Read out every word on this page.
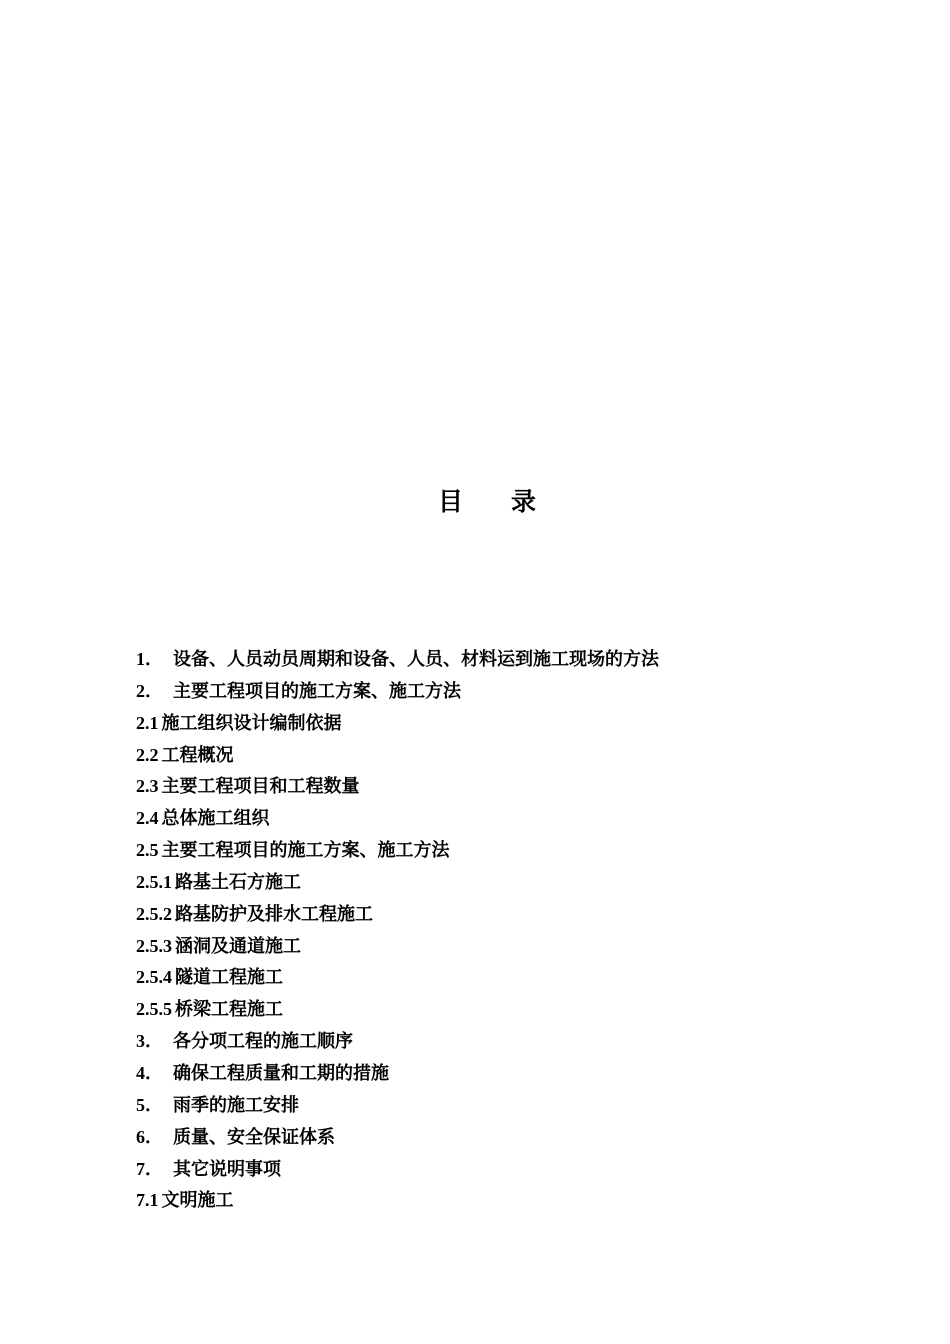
目 录
1． 设备、人员动员周期和设备、人员、材料运到施工现场的方法
2． 主要工程项目的施工方案、施工方法
2.1 施工组织设计编制依据
2.2 工程概况
2.3 主要工程项目和工程数量
2.4 总体施工组织
2.5 主要工程项目的施工方案、施工方法
2.5.1 路基土石方施工
2.5.2 路基防护及排水工程施工
2.5.3 涵洞及通道施工
2.5.4 隧道工程施工
2.5.5 桥梁工程施工
3． 各分项工程的施工顺序
4． 确保工程质量和工期的措施
5． 雨季的施工安排
6． 质量、安全保证体系
7． 其它说明事项
7.1 文明施工
